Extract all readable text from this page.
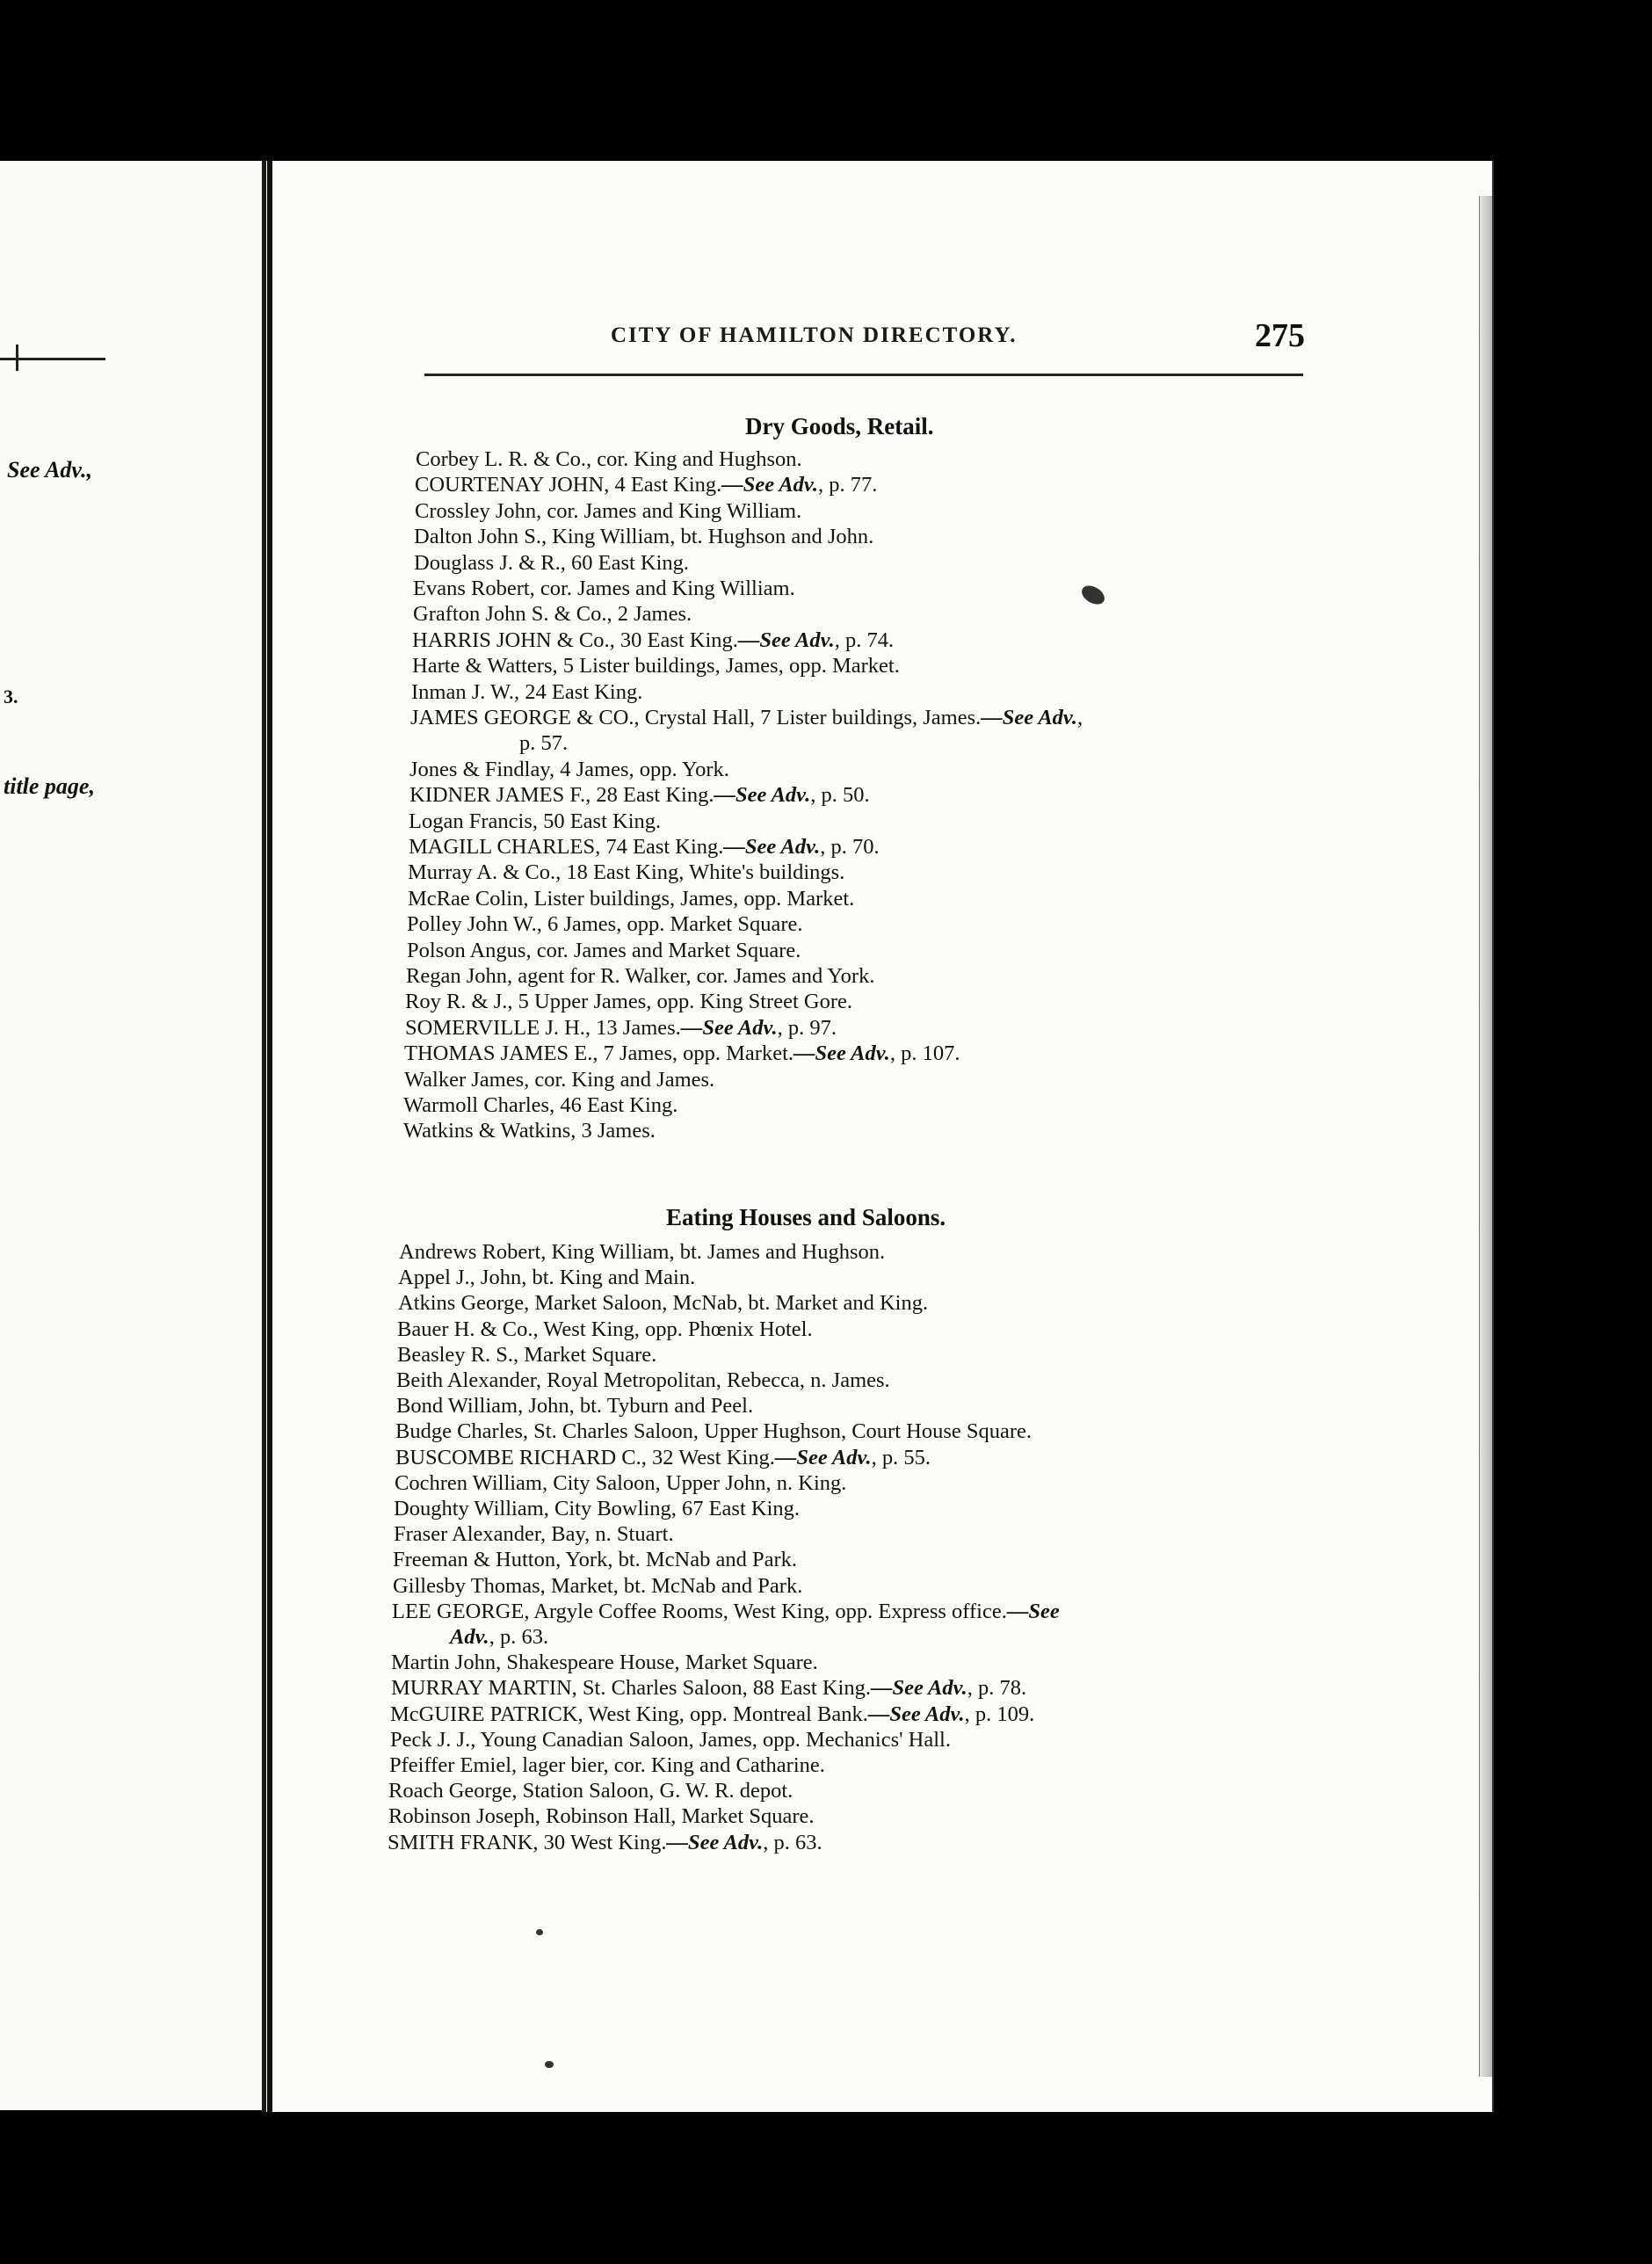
See Adv.,
3.
title page,
CITY OF HAMILTON DIRECTORY.	275
Dry Goods, Retail.
Corbey L. R. & Co., cor. King and Hughson.
COURTENAY JOHN, 4 East King.—See Adv., p. 77.
Crossley John, cor. James and King William.
Dalton John S., King William, bt. Hughson and John.
Douglass J. & R., 60 East King.
Evans Robert, cor. James and King William.
Grafton John S. & Co., 2 James.
HARRIS JOHN & Co., 30 East King.—See Adv., p. 74.
Harte & Watters, 5 Lister buildings, James, opp. Market.
Inman J. W., 24 East King.
JAMES GEORGE & CO., Crystal Hall, 7 Lister buildings, James.—See Adv.,
p. 57.
Jones & Findlay, 4 James, opp. York.
KIDNER JAMES F., 28 East King.—See Adv., p. 50.
Logan Francis, 50 East King.
MAGILL CHARLES, 74 East King.—See Adv., p. 70.
Murray A. & Co., 18 East King, White's buildings.
McRae Colin, Lister buildings, James, opp. Market.
Polley John W., 6 James, opp. Market Square.
Polson Angus, cor. James and Market Square.
Regan John, agent for R. Walker, cor. James and York.
Roy R. & J., 5 Upper James, opp. King Street Gore.
SOMERVILLE J. H., 13 James.—See Adv., p. 97.
THOMAS JAMES E., 7 James, opp. Market.—See Adv., p. 107.
Walker James, cor. King and James.
Warmoll Charles, 46 East King.
Watkins & Watkins, 3 James.
Eating Houses and Saloons.
Andrews Robert, King William, bt. James and Hughson.
Appel J., John, bt. King and Main.
Atkins George, Market Saloon, McNab, bt. Market and King.
Bauer H. & Co., West King, opp. Phœnix Hotel.
Beasley R. S., Market Square.
Beith Alexander, Royal Metropolitan, Rebecca, n. James.
Bond William, John, bt. Tyburn and Peel.
Budge Charles, St. Charles Saloon, Upper Hughson, Court House Square.
BUSCOMBE RICHARD C., 32 West King.—See Adv., p. 55.
Cochren William, City Saloon, Upper John, n. King.
Doughty William, City Bowling, 67 East King.
Fraser Alexander, Bay, n. Stuart.
Freeman & Hutton, York, bt. McNab and Park.
Gillesby Thomas, Market, bt. McNab and Park.
LEE GEORGE, Argyle Coffee Rooms, West King, opp. Express office.—See
Adv., p. 63.
Martin John, Shakespeare House, Market Square.
MURRAY MARTIN, St. Charles Saloon, 88 East King.—See Adv., p. 78.
McGUIRE PATRICK, West King, opp. Montreal Bank.—See Adv., p. 109.
Peck J. J., Young Canadian Saloon, James, opp. Mechanics' Hall.
Pfeiffer Emiel, lager bier, cor. King and Catharine.
Roach George, Station Saloon, G. W. R. depot.
Robinson Joseph, Robinson Hall, Market Square.
SMITH FRANK, 30 West King.—See Adv., p. 63.
